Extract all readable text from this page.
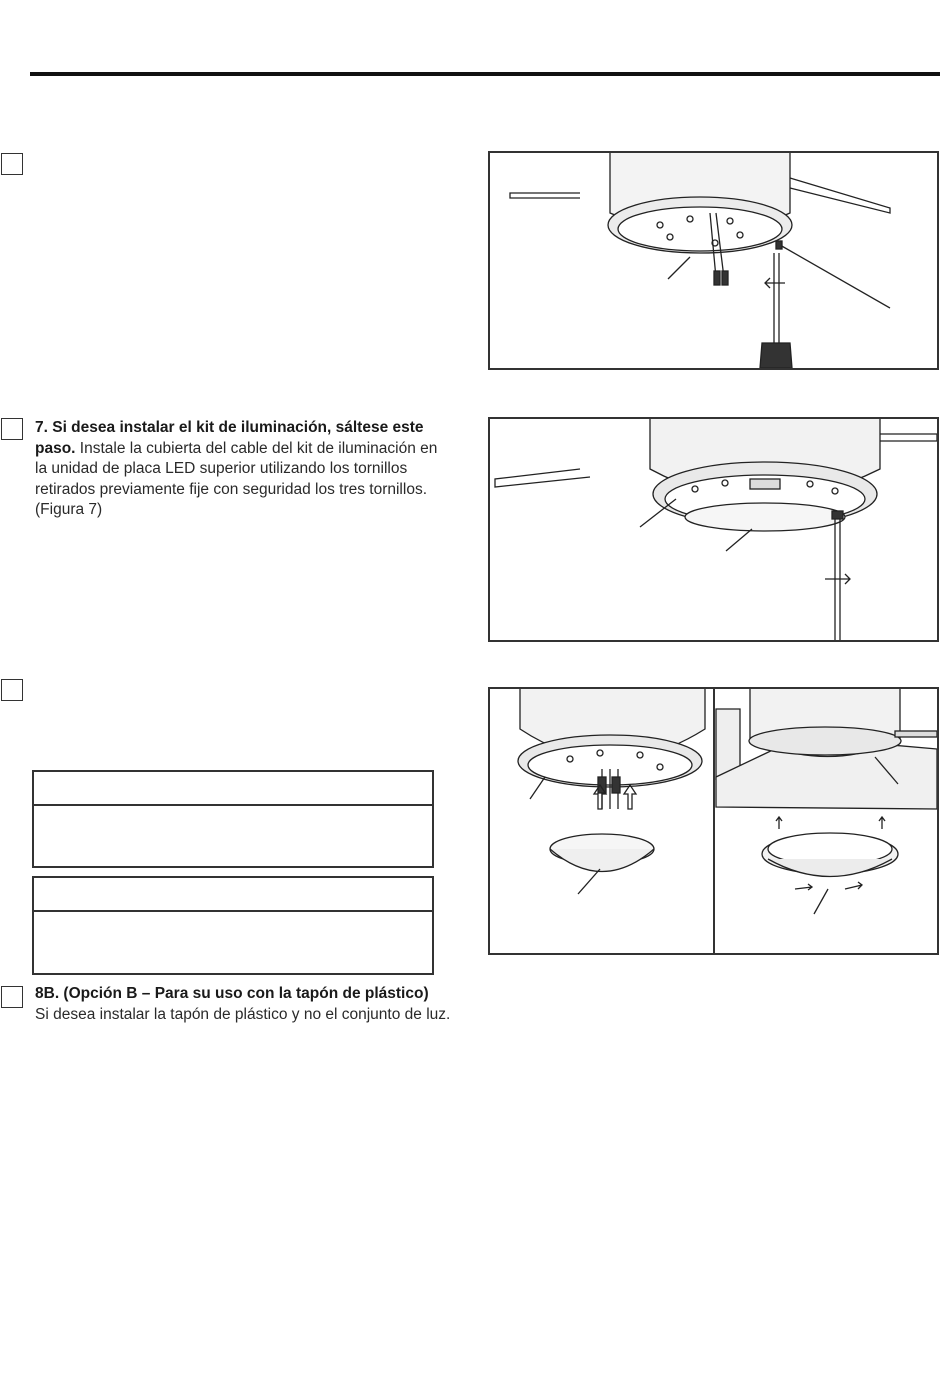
7. Si desea instalar el kit de iluminación, sáltese este paso. Instale la cubierta del cable del kit de iluminación en la unidad de placa LED superior utilizando los tornillos retirados previamente fije con seguridad los tres tornillos. (Figura 7)
8B. (Opción B – Para su uso con la tapón de plástico)
Si desea instalar la tapón de plástico y no el conjunto de luz.
